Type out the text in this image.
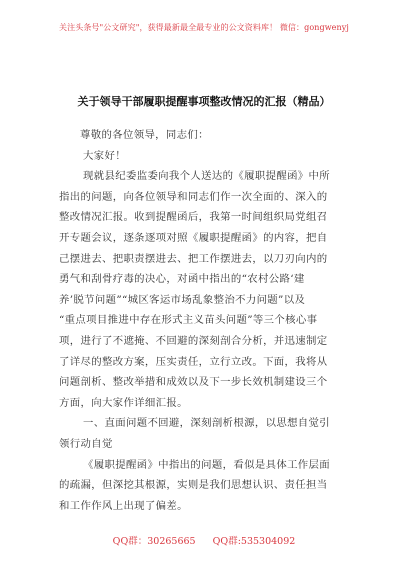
关注头条号"公文研究"，获得最新最全最专业的公文资料库！ 微信：gongwenyj
关于领导干部履职提醒事项整改情况的汇报（精品）
尊敬的各位领导，同志们：
大家好！
现就县纪委监委向我个人送达的《履职提醒函》中所
指出的问题，向各位领导和同志们作一次全面的、深入的
整改情况汇报。收到提醒函后，我第一时间组织局党组召
开专题会议，逐条逐项对照《履职提醒函》的内容，把自
己摆进去、把职责摆进去、把工作摆进去，以刀刃向内的
勇气和刮骨疗毒的决心，对函中指出的“农村公路‘建
养’脱节问题”“城区客运市场乱象整治不力问题”以及
“重点项目推进中存在形式主义苗头问题”等三个核心事
项，进行了不遮掩、不回避的深刻剖合分析，并迅速制定
了详尽的整改方案，压实责任，立行立改。下面，我将从
问题剖析、整改举措和成效以及下一步长效机制建设三个
方面，向大家作详细汇报。
一、直面问题不回避，深刻剖析根源，以思想自觉引
领行动自觉
《履职提醒函》中指出的问题，看似是具体工作层面
的疏漏，但深挖其根源，实则是我们思想认识、责任担当
和工作作风上出现了偏差。
QQ群：30265665 QQ群:535304092
